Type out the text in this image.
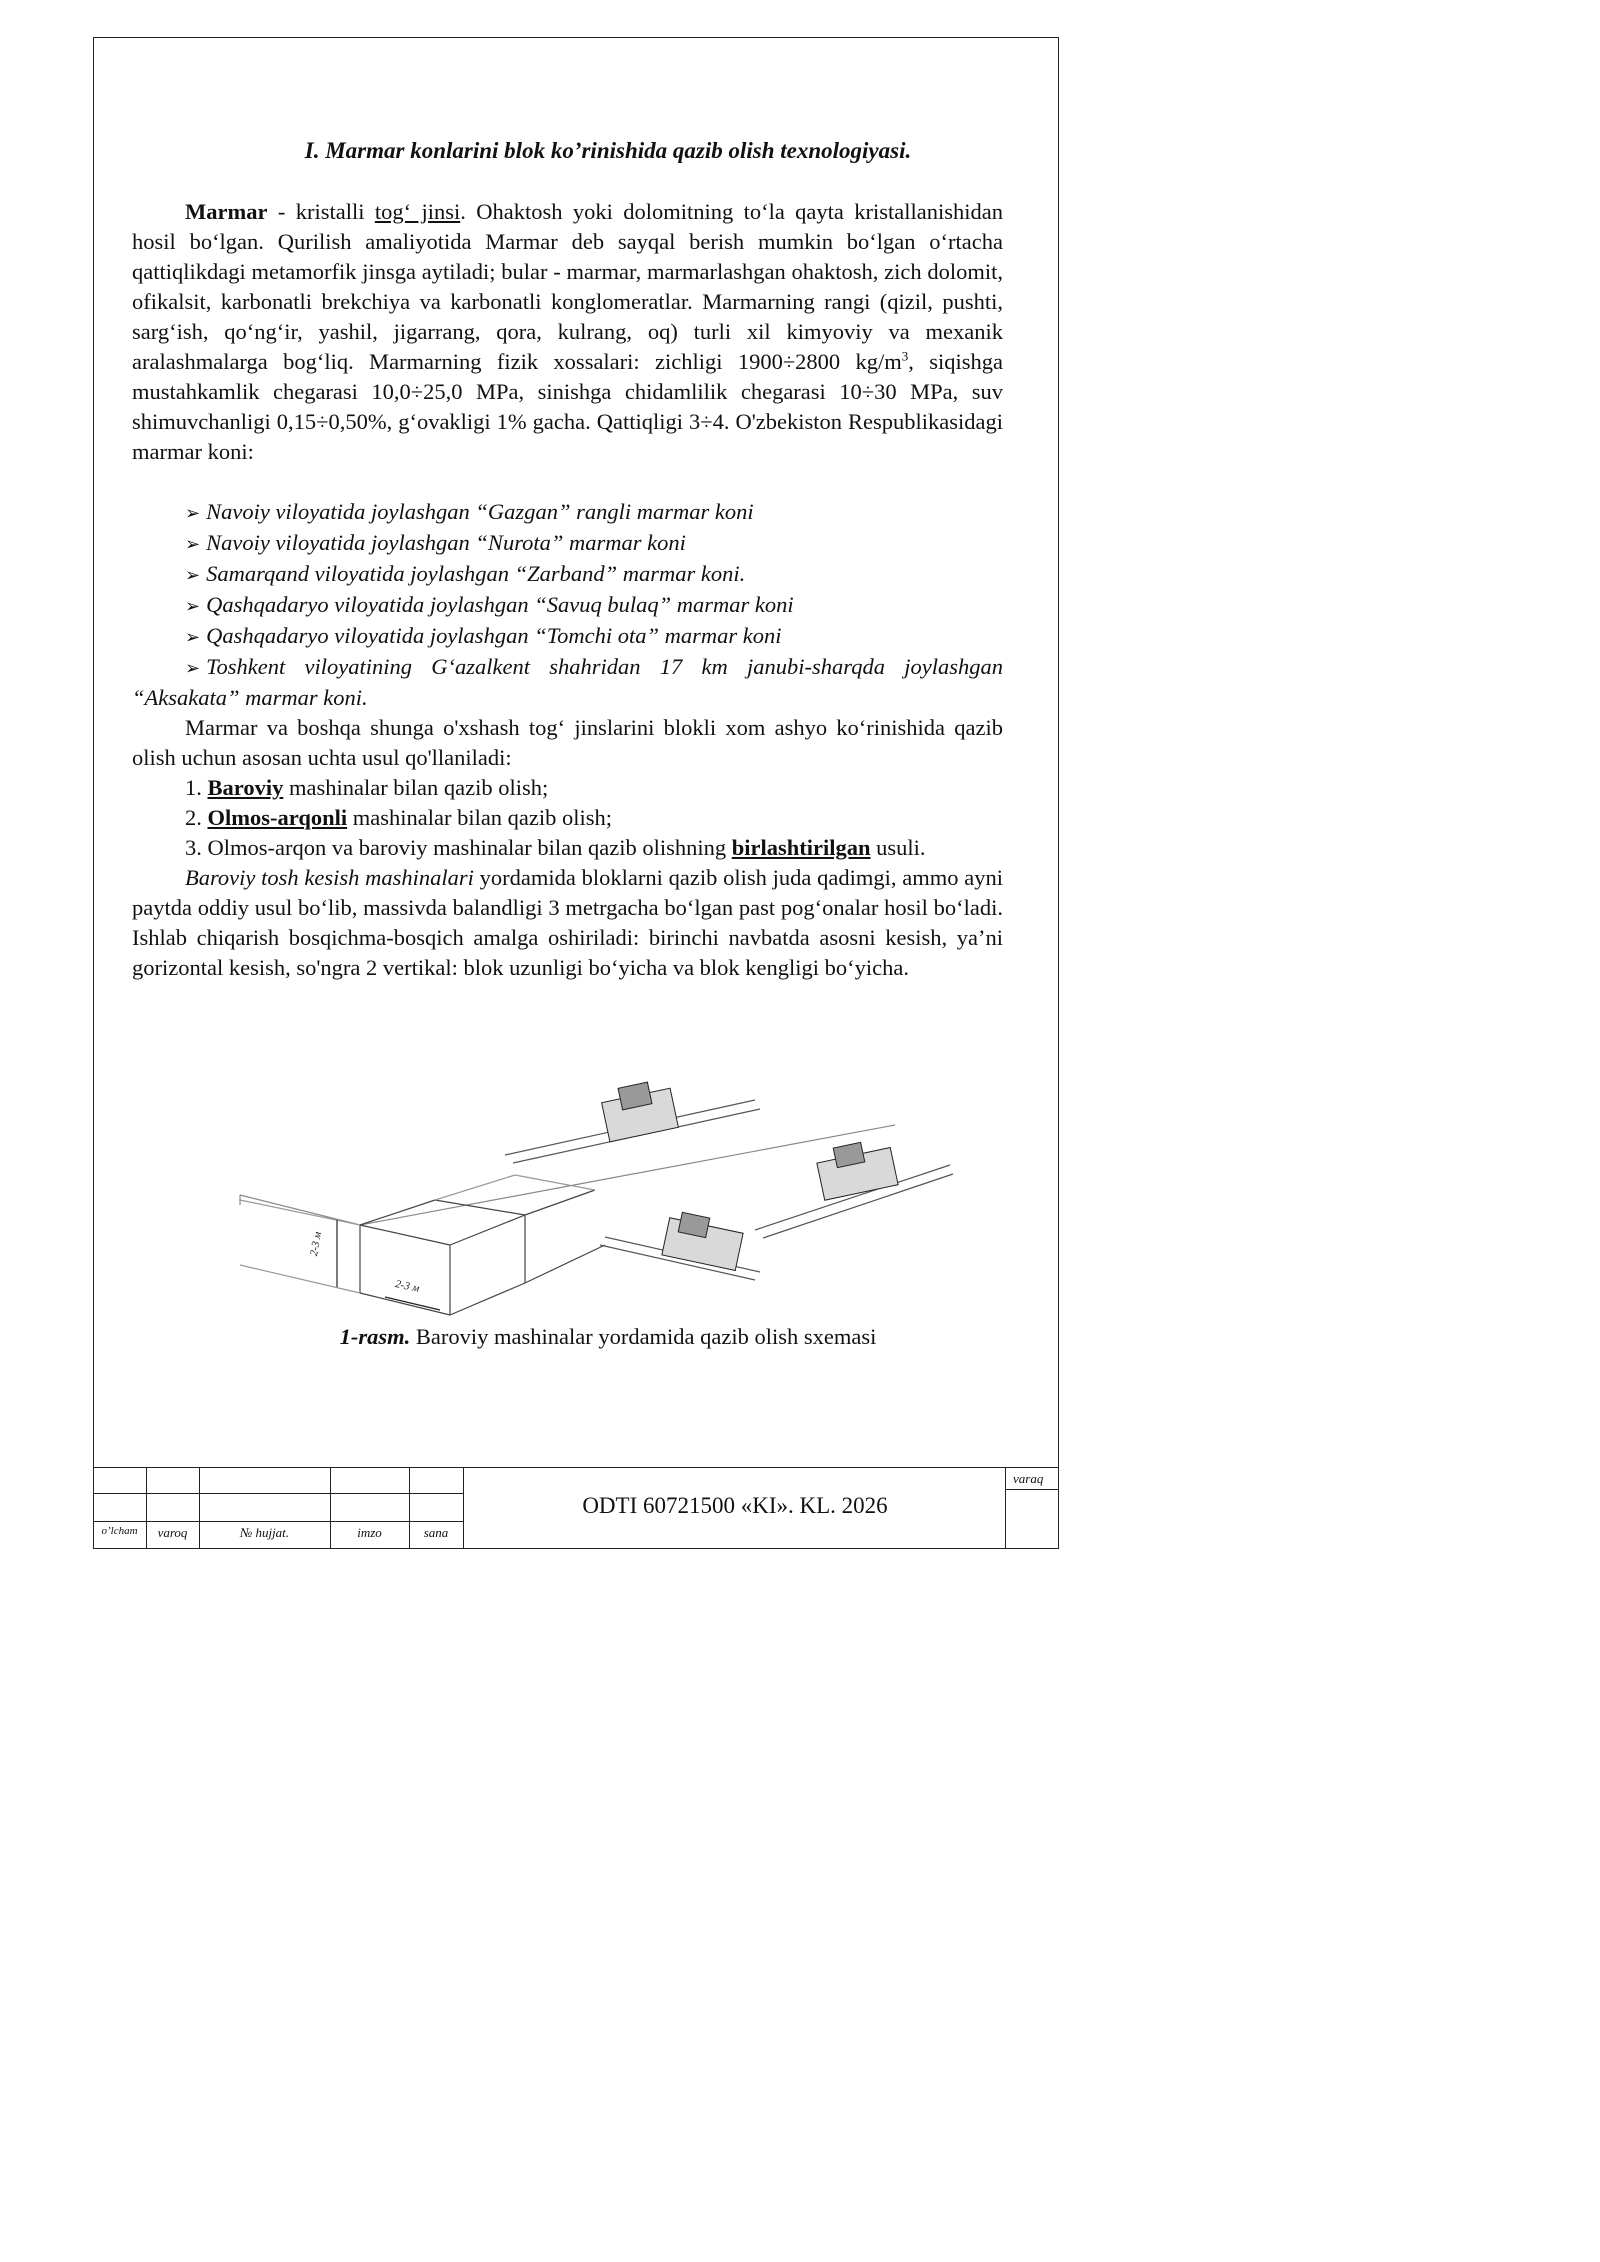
I. Marmar konlarini blok ko’rinishida qazib olish texnologiyasi.

Marmar - kristalli tog‘ jinsi. Ohaktosh yoki dolomitning to‘la qayta kristallanishidan hosil bo‘lgan. Qurilish amaliyotida Marmar deb sayqal berish mumkin bo‘lgan o‘rtacha qattiqlikdagi metamorfik jinsga aytiladi; bular - marmar, marmarlashgan ohaktosh, zich dolomit, ofikalsit, karbonatli brekchiya va karbonatli konglomeratlar. Marmarning rangi (qizil, pushti, sarg‘ish, qo‘ng‘ir, yashil, jigarrang, qora, kulrang, oq) turli xil kimyoviy va mexanik aralashmalarga bog‘liq. Marmarning fizik xossalari: zichligi 1900÷2800 $kg/m^3$, siqishga mustahkamlik chegarasi 10,0÷25,0 MPa, sinishga chidamlilik chegarasi 10÷30 MPa, suv shimuvchanligi 0,15÷0,50%, g‘ovakligi 1% gacha. Qattiqligi 3÷4. O'zbekiston Respublikasidagi marmar koni:

➢ Navoiy viloyatida joylashgan “Gazgan” rangli marmar koni

➢ Navoiy viloyatida joylashgan “Nurota” marmar koni

➢ Samarqand viloyatida joylashgan “Zarband” marmar koni.

➢ Qashqadaryo viloyatida joylashgan “Savuq bulaq” marmar koni

➢ Qashqadaryo viloyatida joylashgan “Tomchi ota” marmar koni

➢ Toshkent viloyatining G‘azalkent shahridan 17 km janubi-sharqda joylashgan “Aksakata” marmar koni.

Marmar va boshqa shunga o'xshash tog‘ jinslarini blokli xom ashyo ko‘rinishida qazib olish uchun asosan uchta usul qo'llaniladi:

1. Baroviy mashinalar bilan qazib olish;

2. Olmos-arqonli mashinalar bilan qazib olish;

3. Olmos-arqon va baroviy mashinalar bilan qazib olishning birlashtirilgan usuli.

Baroviy tosh kesish mashinalari yordamida bloklarni qazib olish juda qadimgi, ammo ayni paytda oddiy usul bo‘lib, massivda balandligi 3 metrgacha bo‘lgan past pog‘onalar hosil bo‘ladi. Ishlab chiqarish bosqichma-bosqich amalga oshiriladi: birinchi navbatda asosni kesish, ya’ni gorizontal kesish, so'ngra 2 vertikal: blok uzunligi bo‘yicha va blok kengligi bo‘yicha.

2-3 м
2-3 м
1-rasm. Baroviy mashinalar yordamida qazib olish sxemasi
o’lcham	varoq	№ hujjat.	imzo	sana
ODTI 60721500 «KI». KL. 2026
varaq
